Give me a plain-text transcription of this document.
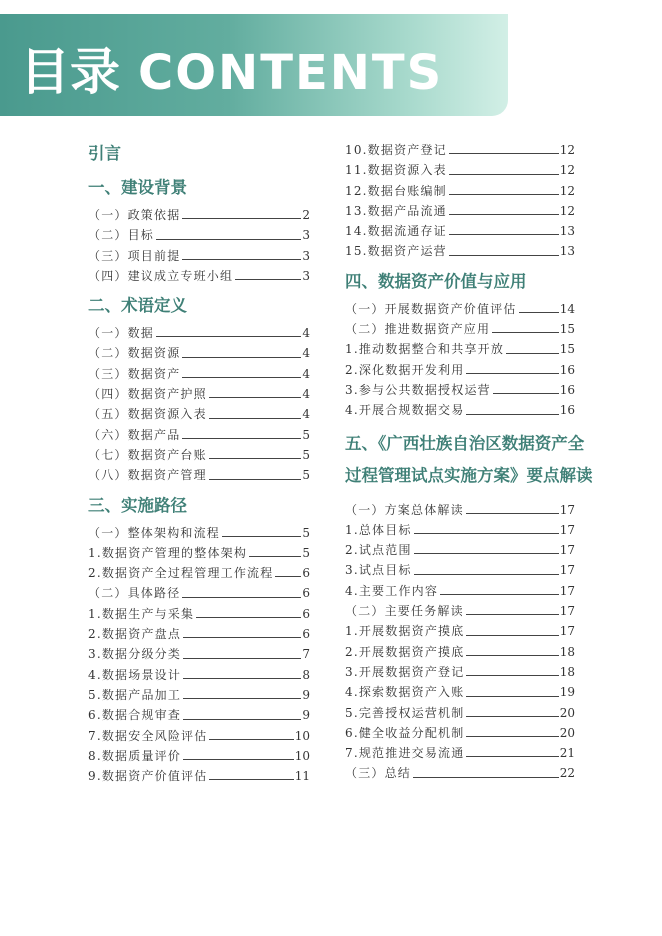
目录 CONTENTS
引言
一、建设背景
（一）政策依据	2
（二）目标	3
（三）项目前提	3
（四）建议成立专班小组	3
二、术语定义
（一）数据	4
（二）数据资源	4
（三）数据资产	4
（四）数据资产护照	4
（五）数据资源入表	4
（六）数据产品	5
（七）数据资产台账	5
（八）数据资产管理	5
三、实施路径
（一）整体架构和流程	5
1.数据资产管理的整体架构	5
2.数据资产全过程管理工作流程 6
（二）具体路径	6
1.数据生产与采集	6
2.数据资产盘点	6
3.数据分级分类	7
4.数据场景设计	8
5.数据产品加工	9
6.数据合规审查	9
7.数据安全风险评估	10
8.数据质量评价	10
9.数据资产价值评估	11
10.数据资产登记	12
11.数据资源入表	12
12.数据台账编制	12
13.数据产品流通	12
14.数据流通存证	13
15.数据资产运营	13
四、数据资产价值与应用
（一）开展数据资产价值评估	14
（二）推进数据资产应用	15
1.推动数据整合和共享开放	15
2.深化数据开发利用	16
3.参与公共数据授权运营	16
4.开展合规数据交易	16
五、《广西壮族自治区数据资产全
过程管理试点实施方案》要点解读
（一）方案总体解读	17
1.总体目标	17
2.试点范围	17
3.试点目标	17
4.主要工作内容	17
（二）主要任务解读	17
1.开展数据资产摸底	17
2.开展数据资产摸底	18
3.开展数据资产登记	18
4.探索数据资产入账	19
5.完善授权运营机制	20
6.健全收益分配机制	20
7.规范推进交易流通	21
（三）总结	22
